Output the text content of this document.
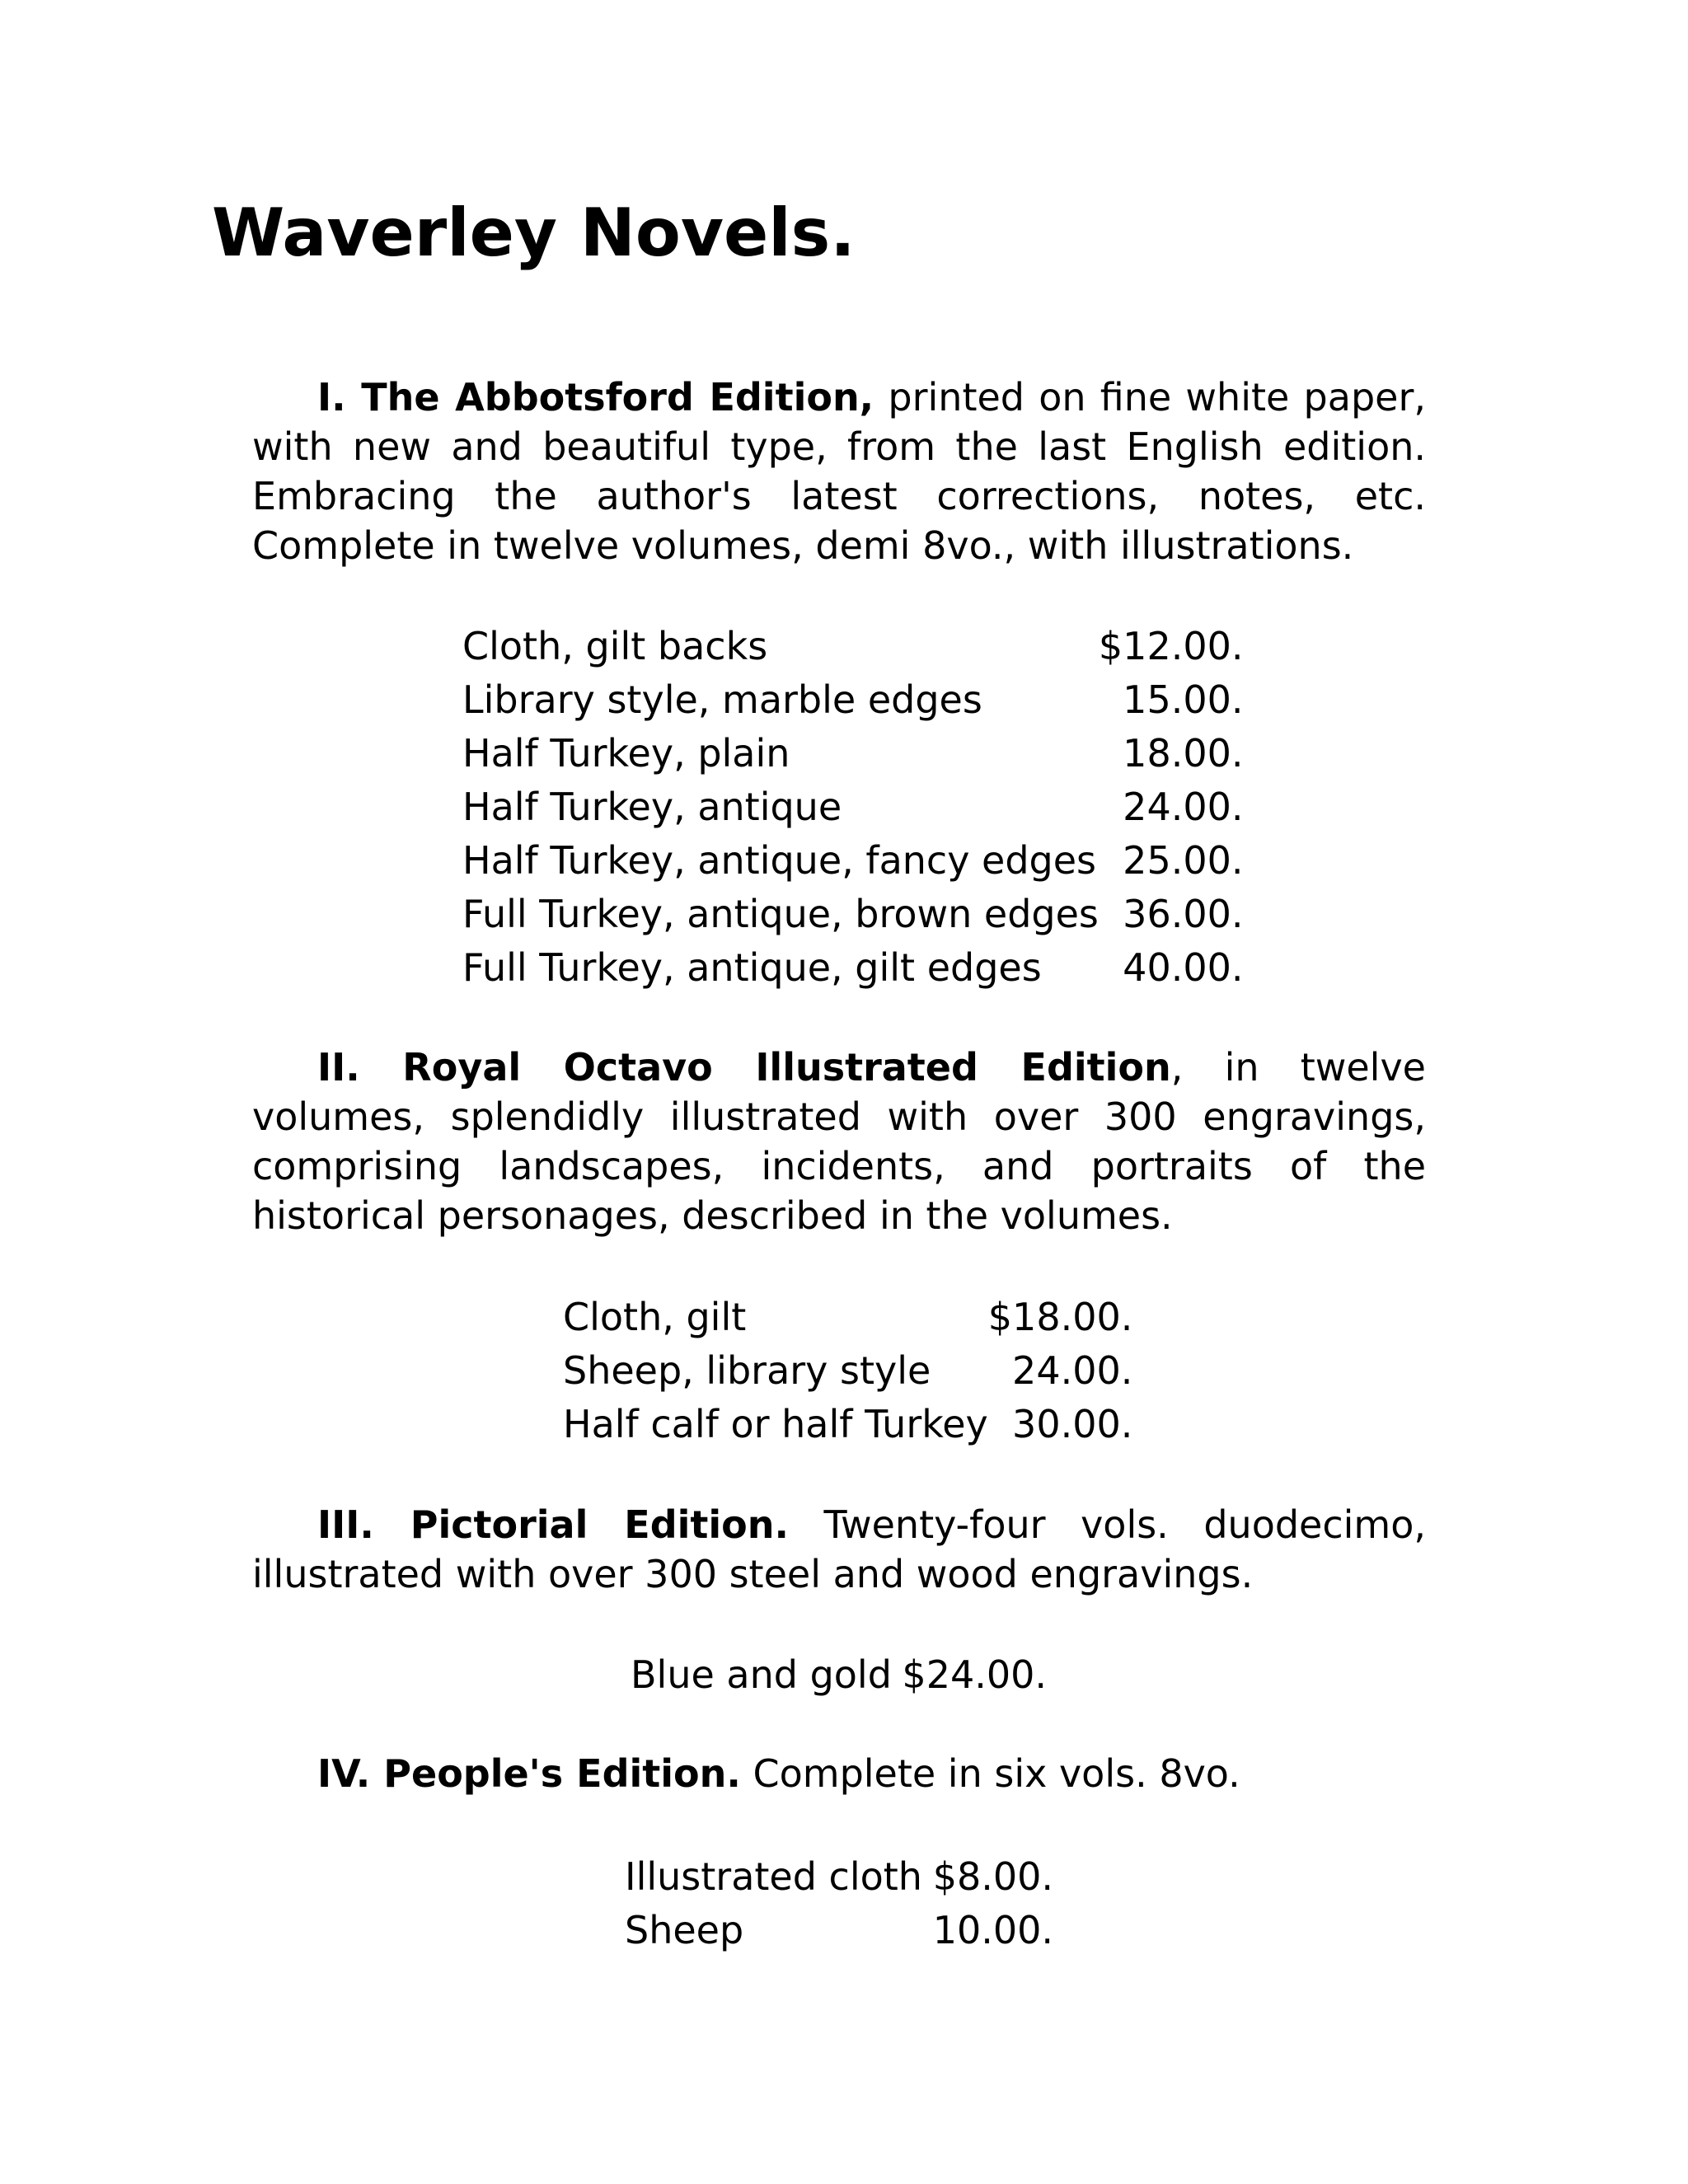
Waverley Novels.

I. The Abbotsford Edition, printed on fine white paper, with new and beautiful type, from the last English edition. Embracing the author's latest corrections, notes, etc. Complete in twelve volumes, demi 8vo., with illustrations.

Cloth, gilt backs	$12.00.
Library style, marble edges	15.00.
Half Turkey, plain	18.00.
Half Turkey, antique	24.00.
Half Turkey, antique, fancy edges	25.00.
Full Turkey, antique, brown edges	36.00.
Full Turkey, antique, gilt edges	40.00.

II. Royal Octavo Illustrated Edition, in twelve volumes, splendidly illustrated with over 300 engravings, comprising landscapes, incidents, and portraits of the historical personages, described in the volumes.

Cloth, gilt	$18.00.
Sheep, library style	24.00.
Half calf or half Turkey	30.00.

III. Pictorial Edition. Twenty-four vols. duodecimo, illustrated with over 300 steel and wood engravings.

Blue and gold	$24.00.

IV. People's Edition. Complete in six vols. 8vo.

Illustrated cloth	$8.00.
Sheep	10.00.
